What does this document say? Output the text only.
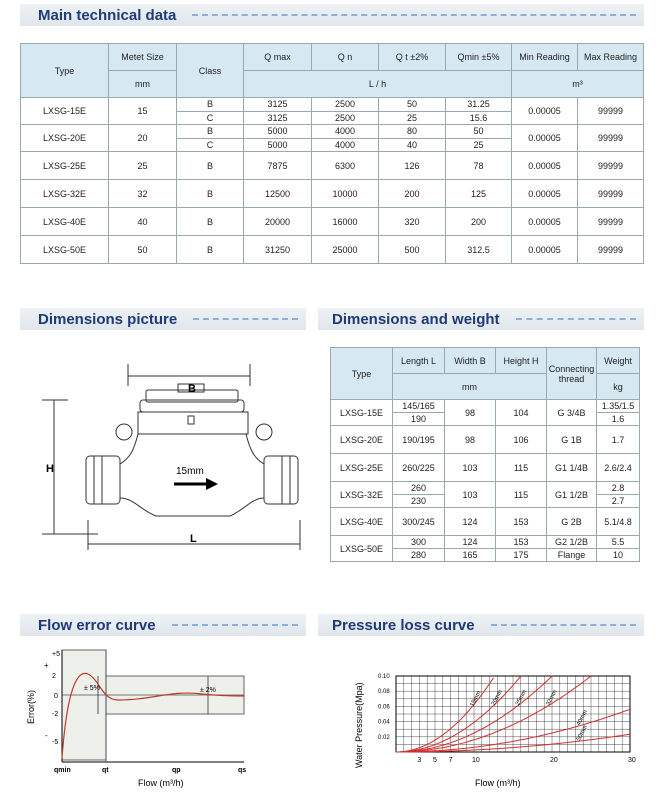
Main technical data
Type	Metet Size	Class	Q max	Q n	Q t ±2%	Qmin ±5%	Min Reading	Max Reading
	mm		L / h				m³	
LXSG-15E	15	B	3125	2500	50	31.25	0.00005	99999
		C	3125	2500	25	15.6		
LXSG-20E	20	B	5000	4000	80	50	0.00005	99999
		C	5000	4000	40	25		
LXSG-25E	25	B	7875	6300	126	78	0.00005	99999
LXSG-32E	32	B	12500	10000	200	125	0.00005	99999
LXSG-40E	40	B	20000	16000	320	200	0.00005	99999
LXSG-50E	50	B	31250	25000	500	312.5	0.00005	99999
Dimensions picture	Dimensions and weight
B
H
L
15mm
Type	Length L	Width B	Height H	Connecting thread	Weight
	mm				kg
LXSG-15E	145/165	98	104	G 3/4B	1.35/1.5
	190				1.6
LXSG-20E	190/195	98	106	G 1B	1.7
LXSG-25E	260/225	103	115	G1 1/4B	2.6/2.4
LXSG-32E	260	103	115	G1 1/2B	2.8
	230				2.7
LXSG-40E	300/245	124	153	G 2B	5.1/4.8
LXSG-50E	300	124	153	G2 1/2B	5.5
	280	165	175	Flange	10
Flow error curve	Pressure loss curve
+5
2
0
-2
-5
+
-
± 5%	± 2%
qmin	qt	qp	qs
Flow (m³/h)
Error(%)	15mm 20mm 25mm	32mm
40mm
50mm
3 5 7	10	20	30
0.10
0.08
0.06
0.04
0.02
Flow (m³/h)
Water Pressure(Mpa)
